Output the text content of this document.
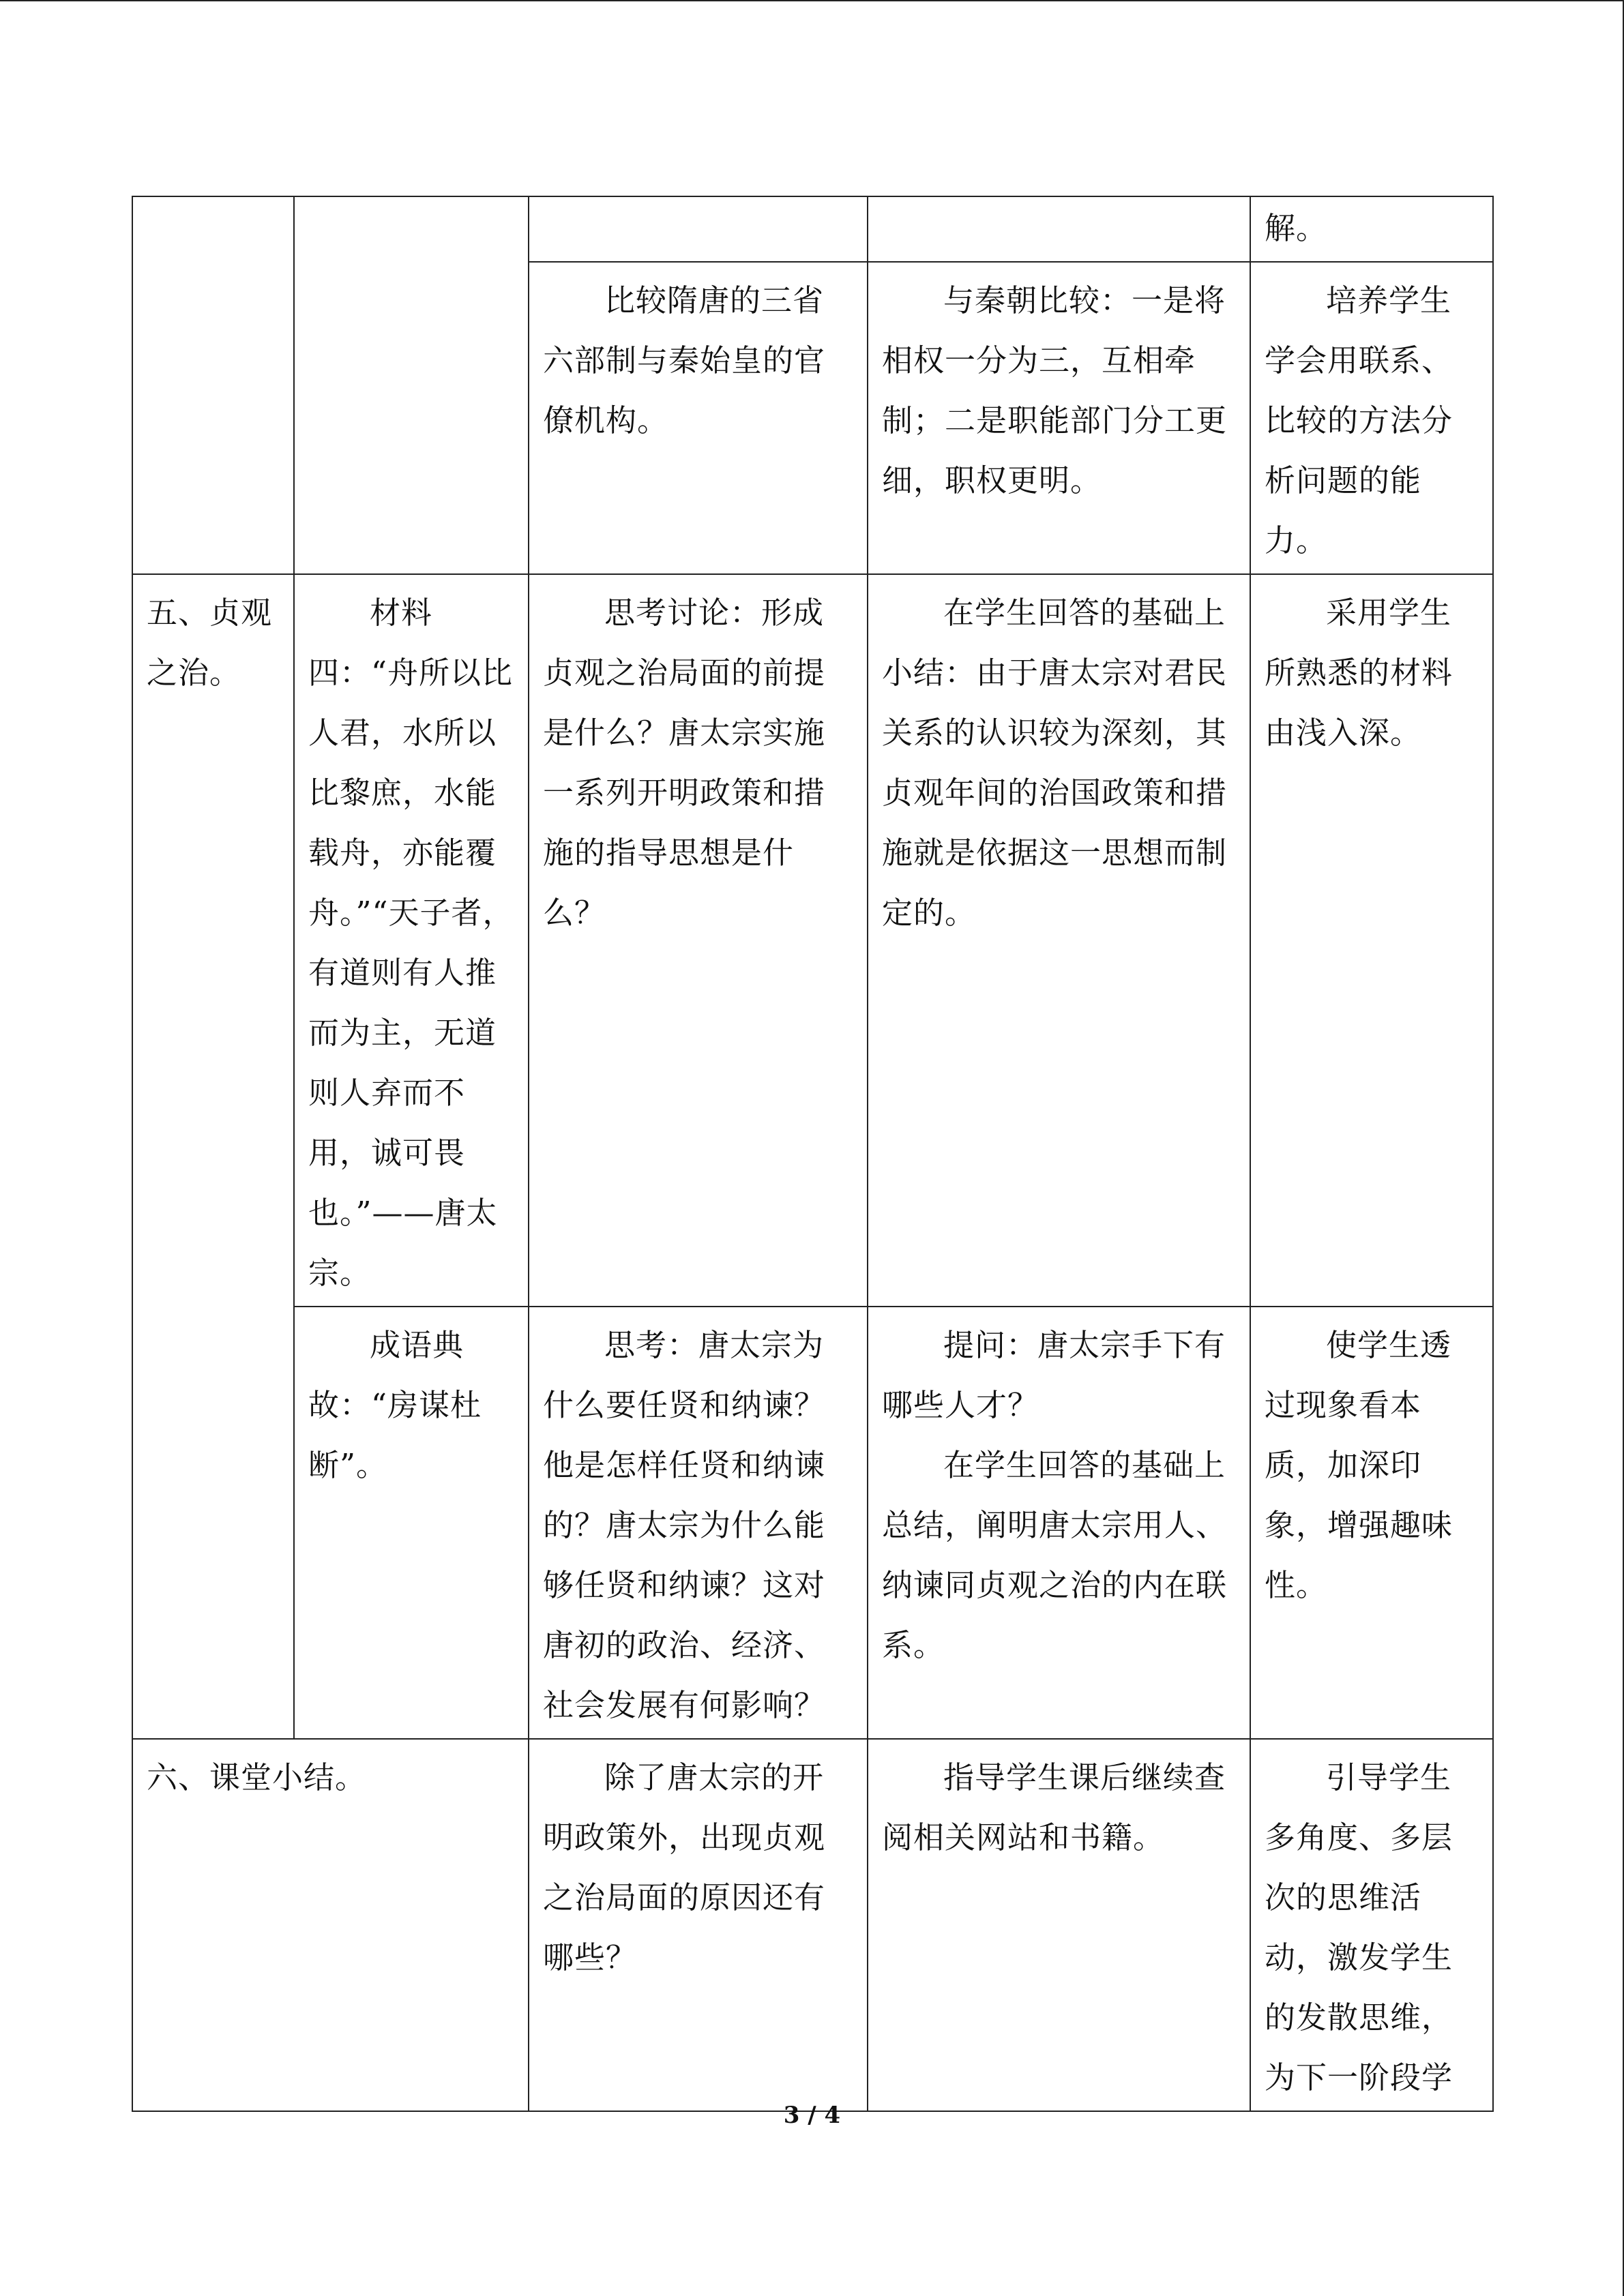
				解。

		比较隋唐的三省六部制与秦始皇的官僚机构。	与秦朝比较：一是将相权一分为三，互相牵制；二是职能部门分工更细，职权更明。	培养学生学会用联系、比较的方法分析问题的能力。

五、贞观之治。	材料四：“舟所以比人君，水所以比黎庶，水能载舟，亦能覆舟。”“天子者，有道则有人推而为主，无道则人弃而不用，诚可畏也。”——唐太宗。	思考讨论：形成贞观之治局面的前提是什么？唐太宗实施一系列开明政策和措施的指导思想是什么？	在学生回答的基础上小结：由于唐太宗对君民关系的认识较为深刻，其贞观年间的治国政策和措施就是依据这一思想而制定的。	采用学生所熟悉的材料由浅入深。

	成语典故：“房谋杜断”。	思考：唐太宗为什么要任贤和纳谏？他是怎样任贤和纳谏的？唐太宗为什么能够任贤和纳谏？这对唐初的政治、经济、社会发展有何影响？	提问：唐太宗手下有哪些人才？
在学生回答的基础上总结，阐明唐太宗用人、纳谏同贞观之治的内在联系。	使学生透过现象看本质，加深印象，增强趣味性。

六、课堂小结。		除了唐太宗的开明政策外，出现贞观之治局面的原因还有哪些？	指导学生课后继续查阅相关网站和书籍。	引导学生多角度、多层次的思维活动，激发学生的发散思维，为下一阶段学
3 / 4
